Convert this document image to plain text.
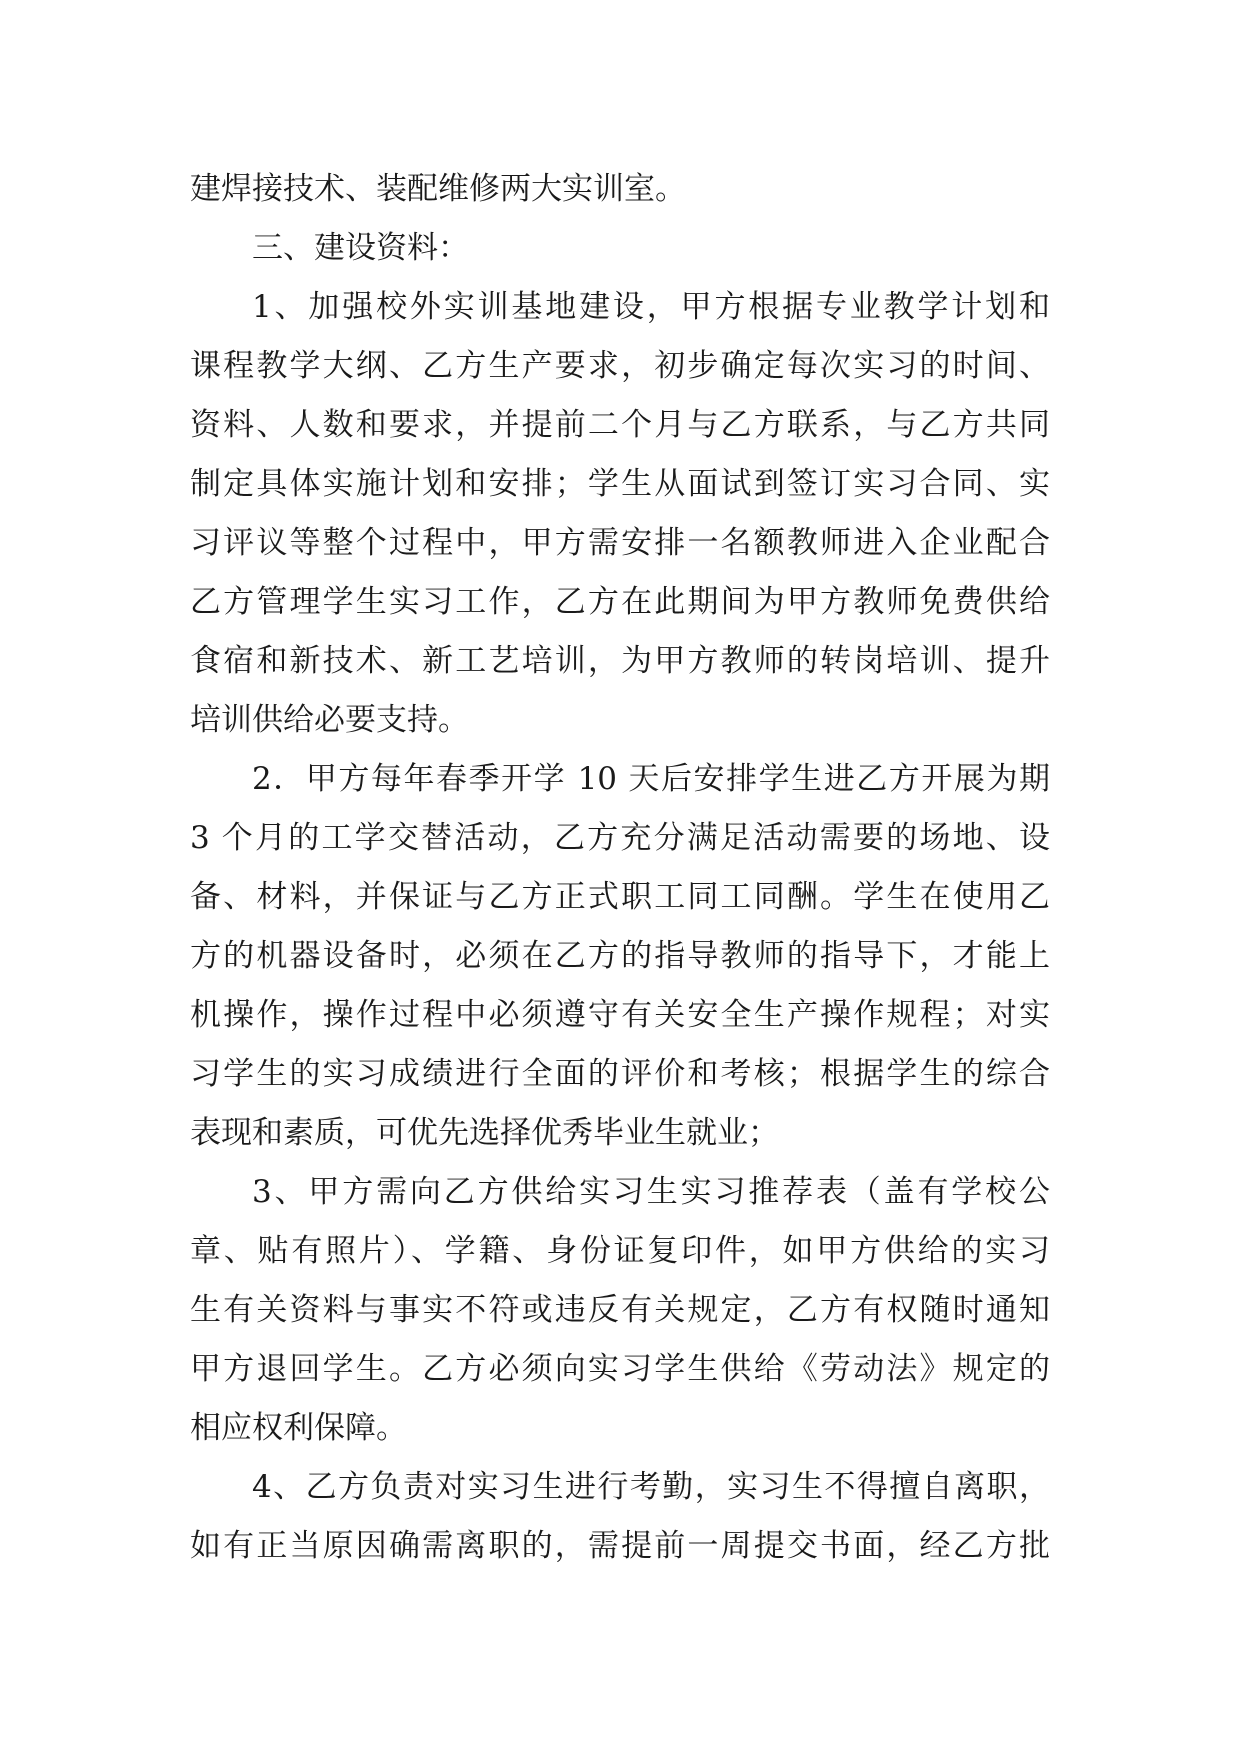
建焊接技术、装配维修两大实训室。
三、建设资料：
1、加强校外实训基地建设，甲方根据专业教学计划和
课程教学大纲、乙方生产要求，初步确定每次实习的时间、
资料、人数和要求，并提前二个月与乙方联系，与乙方共同
制定具体实施计划和安排；学生从面试到签订实习合同、实
习评议等整个过程中，甲方需安排一名额教师进入企业配合
乙方管理学生实习工作，乙方在此期间为甲方教师免费供给
食宿和新技术、新工艺培训，为甲方教师的转岗培训、提升
培训供给必要支持。
2．甲方每年春季开学 10 天后安排学生进乙方开展为期
3 个月的工学交替活动，乙方充分满足活动需要的场地、设
备、材料，并保证与乙方正式职工同工同酬。学生在使用乙
方的机器设备时，必须在乙方的指导教师的指导下，才能上
机操作，操作过程中必须遵守有关安全生产操作规程；对实
习学生的实习成绩进行全面的评价和考核；根据学生的综合
表现和素质，可优先选择优秀毕业生就业；
3、甲方需向乙方供给实习生实习推荐表（盖有学校公
章、贴有照片）、学籍、身份证复印件，如甲方供给的实习
生有关资料与事实不符或违反有关规定，乙方有权随时通知
甲方退回学生。乙方必须向实习学生供给《劳动法》规定的
相应权利保障。
4、乙方负责对实习生进行考勤，实习生不得擅自离职，
如有正当原因确需离职的，需提前一周提交书面，经乙方批
